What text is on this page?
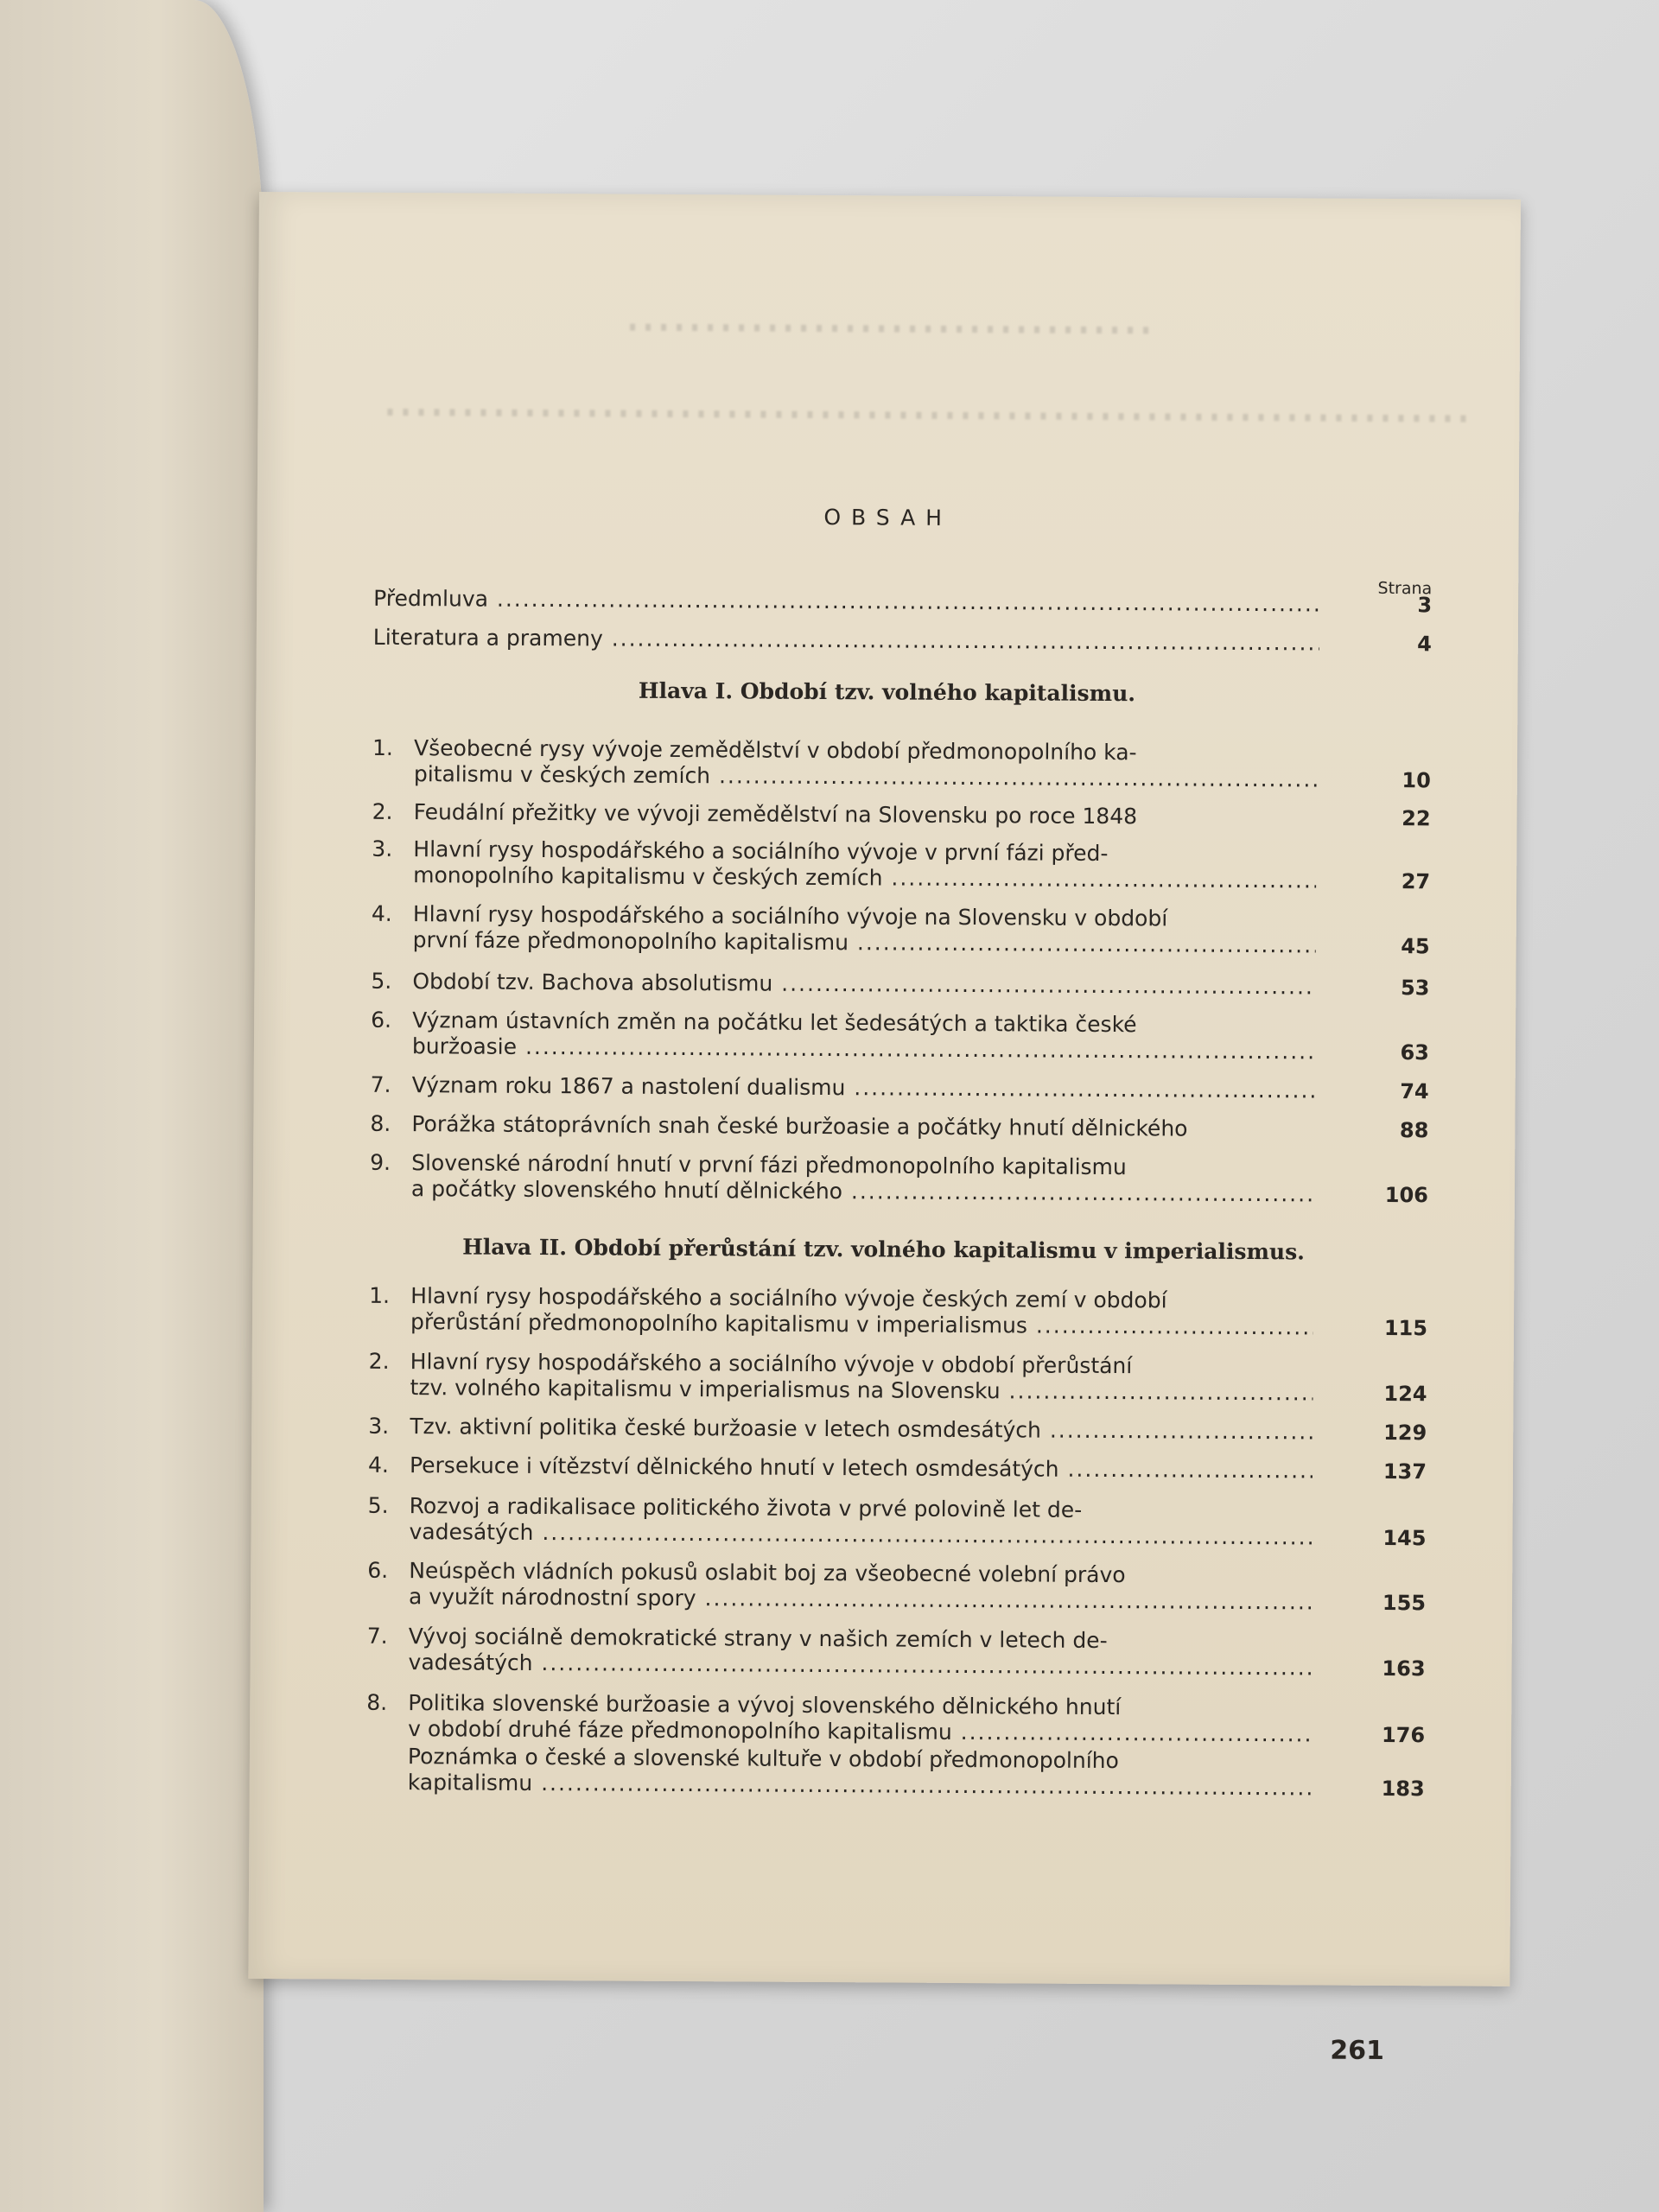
OBSAH
Strana
Předmluva .....	3
Literatura a prameny .....	4
Hlava I. Období tzv. volného kapitalismu.
1. Všeobecné rysy vývoje zemědělství v období předmonopolního ka-
pitalismu v českých zemích .....	10
2. Feudální přežitky ve vývoji zemědělství na Slovensku po roce 1848	22
3. Hlavní rysy hospodářského a sociálního vývoje v první fázi před-
monopolního kapitalismu v českých zemích .....	27
4. Hlavní rysy hospodářského a sociálního vývoje na Slovensku v období
první fáze předmonopolního kapitalismu .....	45
5. Období tzv. Bachova absolutismu .....	53
6. Význam ústavních změn na počátku let šedesátých a taktika české
buržoasie .....	63
7. Význam roku 1867 a nastolení dualismu .....	74
8. Porážka státoprávních snah české buržoasie a počátky hnutí dělnického	88
9. Slovenské národní hnutí v první fázi předmonopolního kapitalismu
a počátky slovenského hnutí dělnického .....	106
Hlava II. Období přerůstání tzv. volného kapitalismu v imperialismus.
1. Hlavní rysy hospodářského a sociálního vývoje českých zemí v období
přerůstání předmonopolního kapitalismu v imperialismus .....	115
2. Hlavní rysy hospodářského a sociálního vývoje v období přerůstání
tzv. volného kapitalismu v imperialismus na Slovensku .....	124
3. Tzv. aktivní politika české buržoasie v letech osmdesátých .....	129
4. Persekuce i vítězství dělnického hnutí v letech osmdesátých .....	137
5. Rozvoj a radikalisace politického života v prvé polovině let de-
vadesátých .....	145
6. Neúspěch vládních pokusů oslabit boj za všeobecné volební právo
a využít národnostní spory .....	155
7. Vývoj sociálně demokratické strany v našich zemích v letech de-
vadesátých .....	163
8. Politika slovenské buržoasie a vývoj slovenského dělnického hnutí
v období druhé fáze předmonopolního kapitalismu .....	176
Poznámka o české a slovenské kultuře v období předmonopolního
kapitalismu .....	183
261
